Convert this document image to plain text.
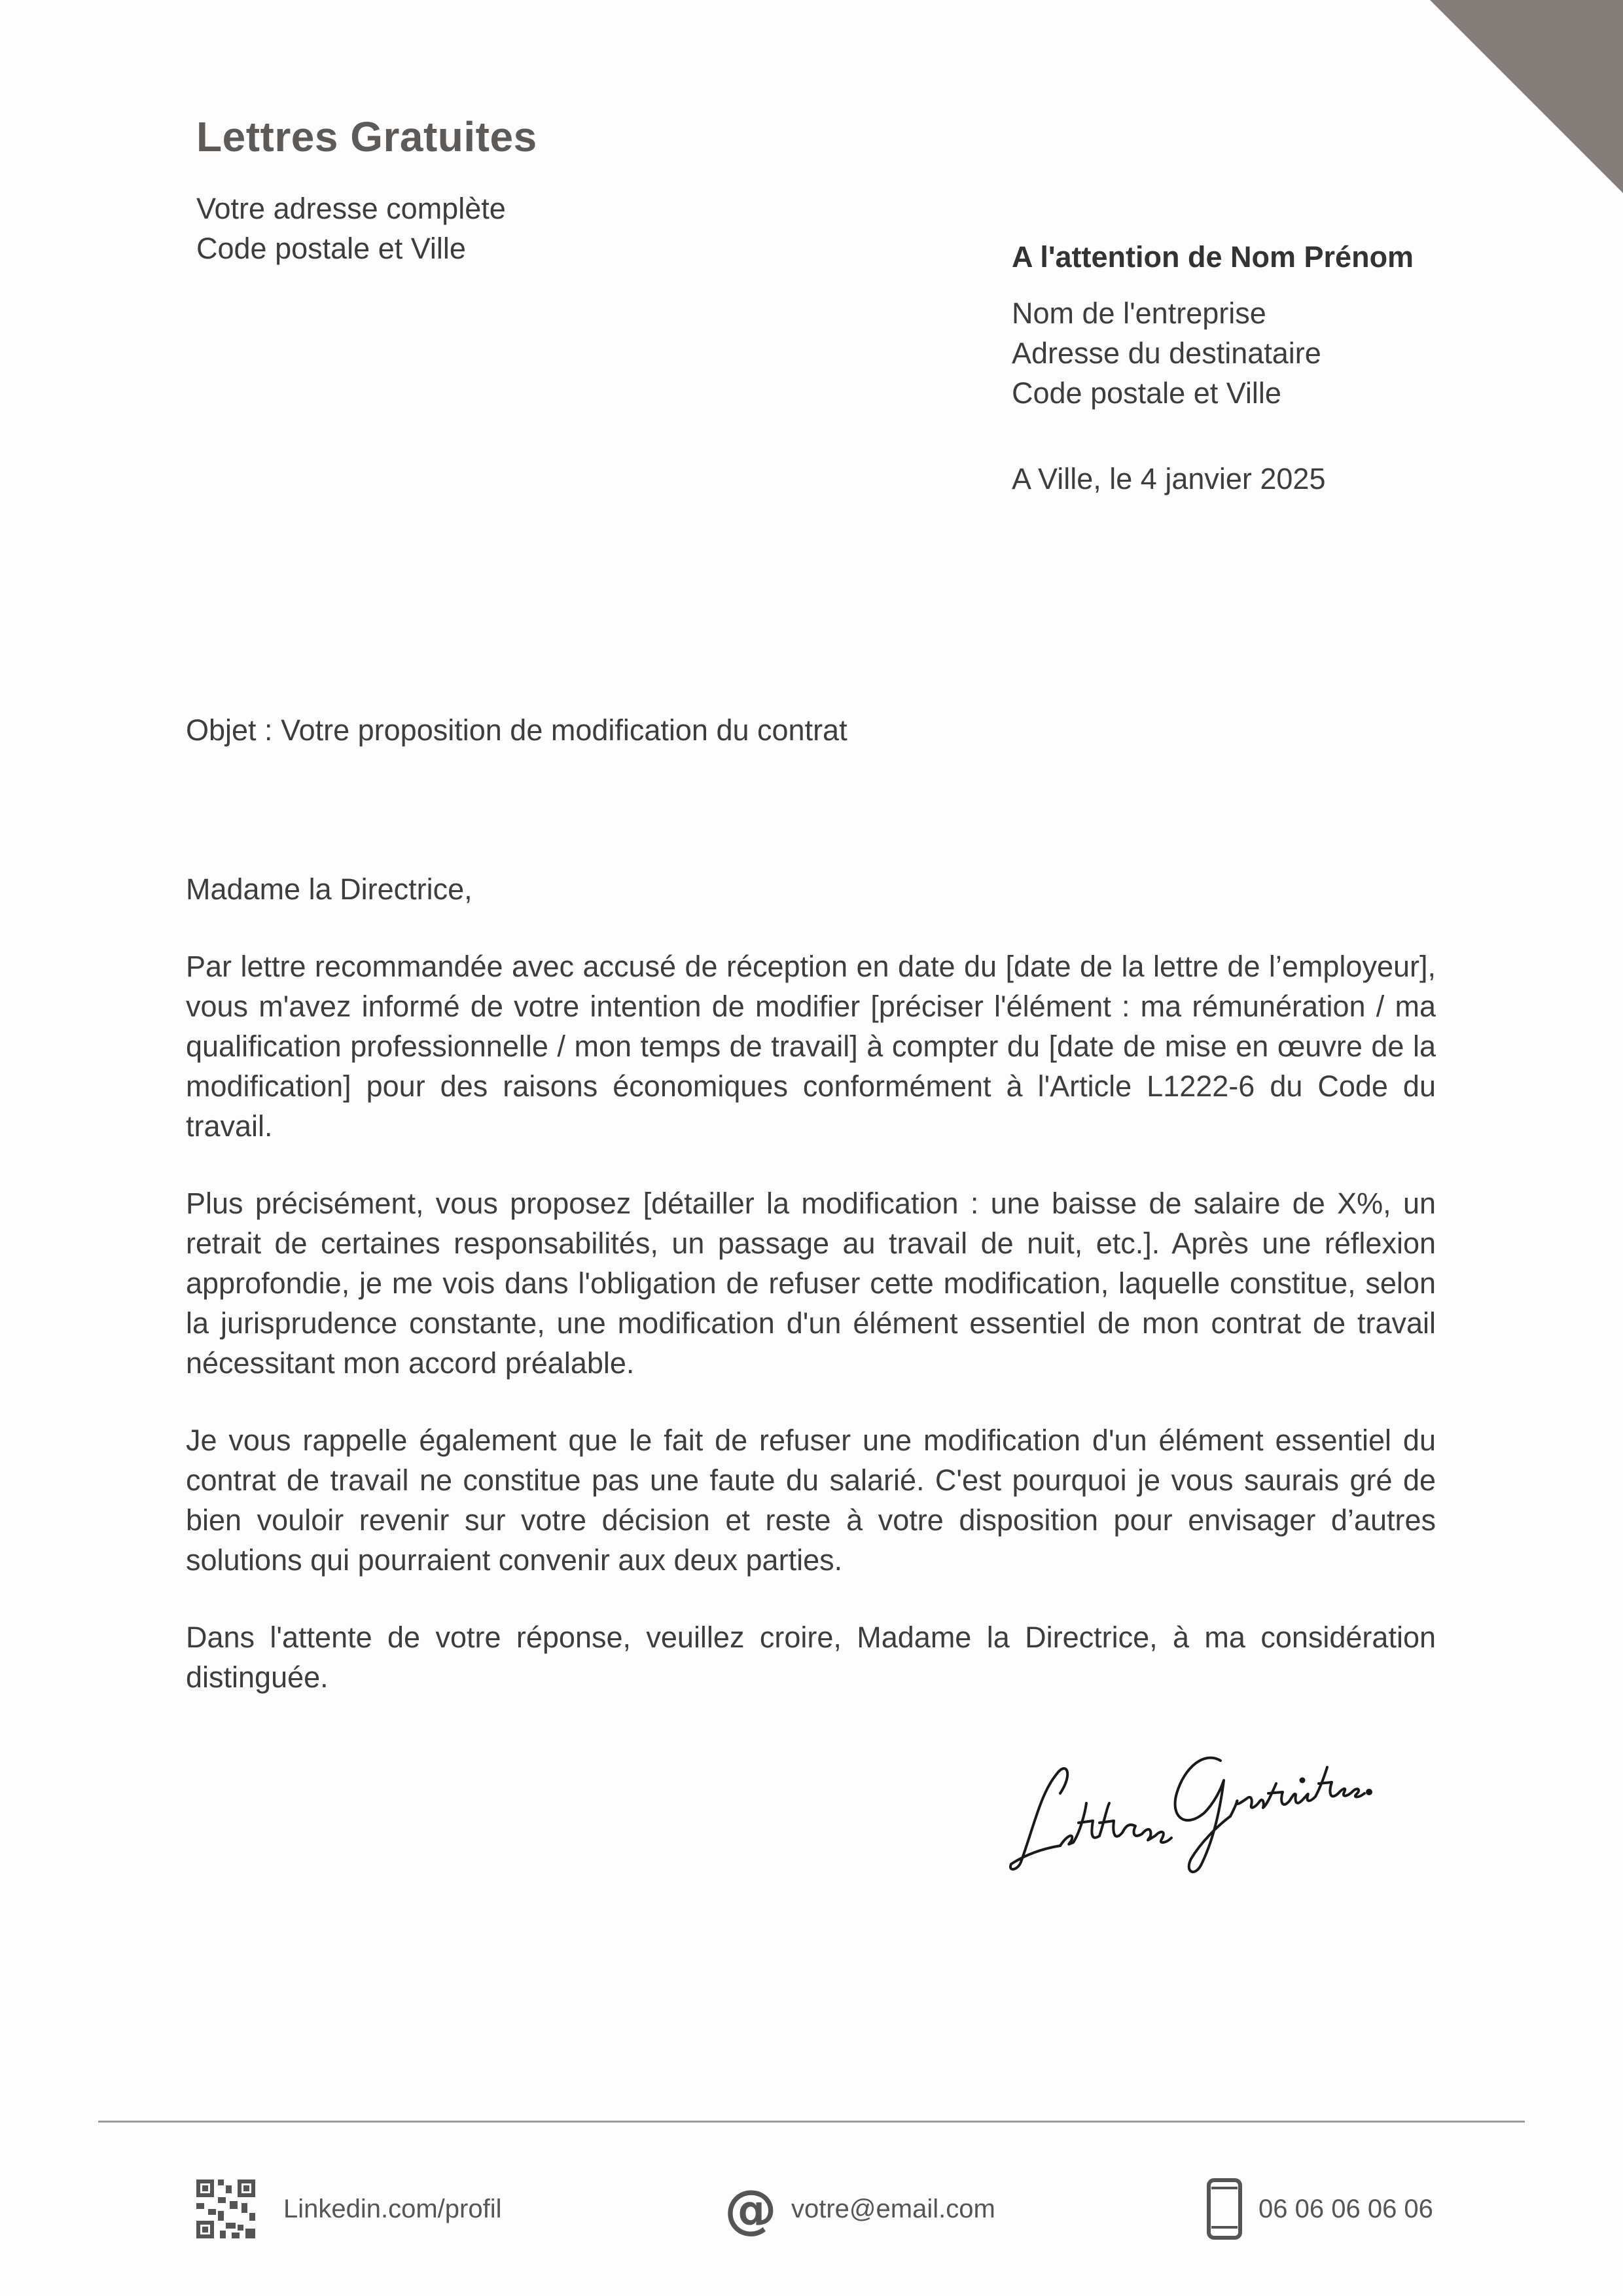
Lettres Gratuites
Votre adresse complète
Code postale et Ville	A l'attention de Nom Prénom
Nom de l'entreprise
Adresse du destinataire
Code postale et Ville
A Ville, le 4 janvier 2025
Objet : Votre proposition de modification du contrat

Madame la Directrice,

Par lettre recommandée avec accusé de réception en date du [date de la lettre de l’employeur], vous m'avez informé de votre intention de modifier [préciser l'élément : ma rémunération / ma qualification professionnelle / mon temps de travail] à compter du [date de mise en œuvre de la modification] pour des raisons économiques conformément à l'Article L1222-6 du Code du travail.

Plus précisément, vous proposez [détailler la modification : une baisse de salaire de X%, un retrait de certaines responsabilités, un passage au travail de nuit, etc.]. Après une réflexion approfondie, je me vois dans l'obligation de refuser cette modification, laquelle constitue, selon la jurisprudence constante, une modification d'un élément essentiel de mon contrat de travail nécessitant mon accord préalable.

Je vous rappelle également que le fait de refuser une modification d'un élément essentiel du contrat de travail ne constitue pas une faute du salarié. C'est pourquoi je vous saurais gré de bien vouloir revenir sur votre décision et reste à votre disposition pour envisager d’autres solutions qui pourraient convenir aux deux parties.

Dans l'attente de votre réponse, veuillez croire, Madame la Directrice, à ma considération distinguée.

Linkedin.com/profil	@ votre@email.com	06 06 06 06 06
